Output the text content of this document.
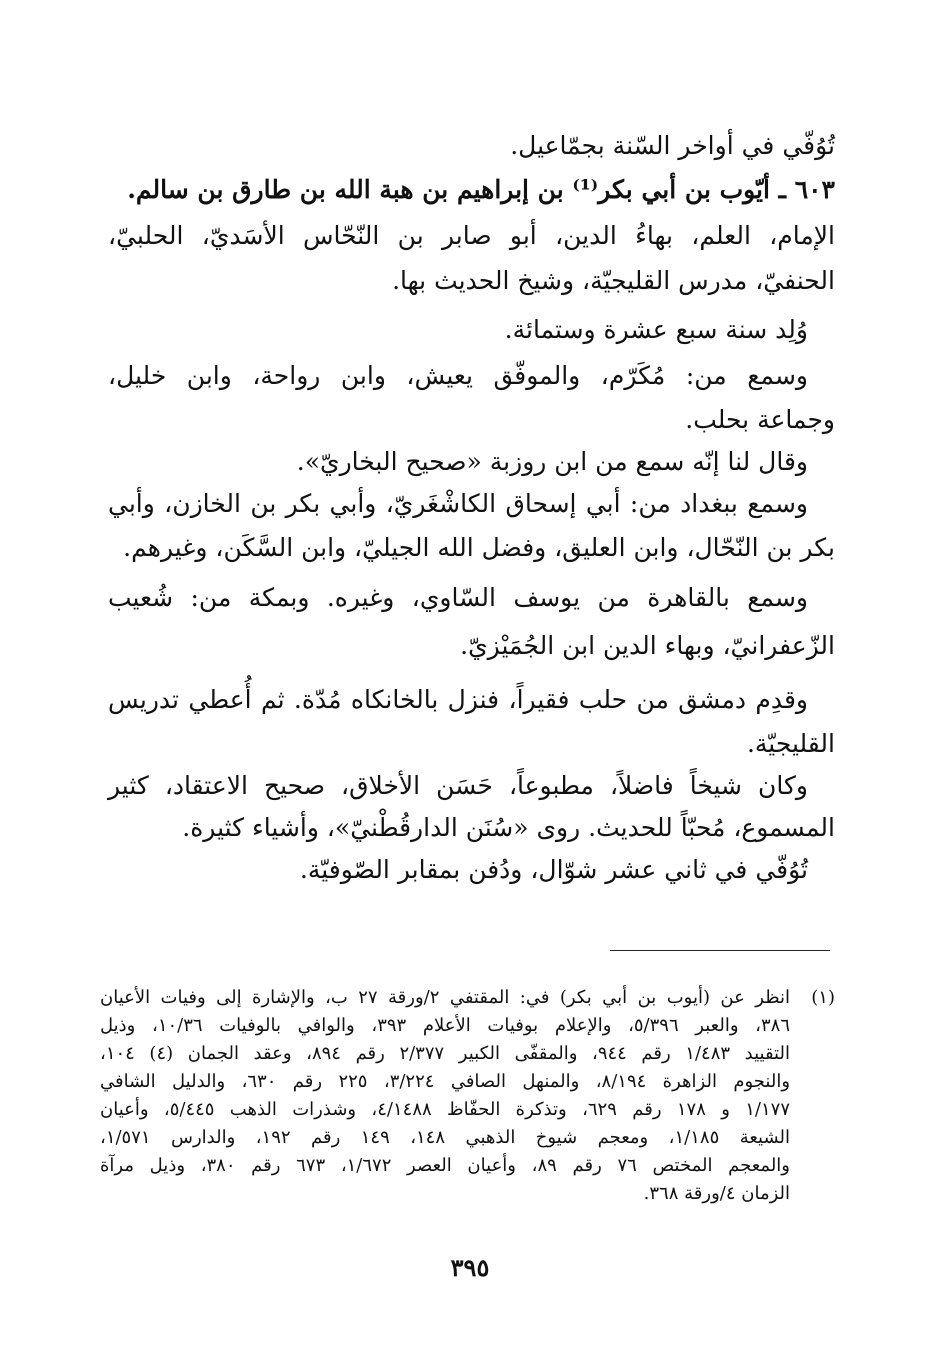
تُوُفّي في أواخر السّنة بجمّاعيل.
٦٠٣ ـ أيّوب بن أبي بكر⁽¹⁾ بن إبراهيم بن هبة الله بن طارق بن سالم.
الإمام، العلم، بهاءُ الدين، أبو صابر بن النّحّاس الأسَديّ، الحلبيّ،
الحنفيّ، مدرس القليجيّة، وشيخ الحديث بها.
وُلِد سنة سبع عشرة وستمائة.
وسمع من: مُكَرّم، والموفّق يعيش، وابن رواحة، وابن خليل،
وجماعة بحلب.
وقال لنا إنّه سمع من ابن روزبة «صحيح البخاريّ».
وسمع ببغداد من: أبي إسحاق الكاشْغَريّ، وأبي بكر بن الخازن، وأبي
بكر بن النّحّال، وابن العليق، وفضل الله الجيليّ، وابن السَّكَن، وغيرهم.
وسمع بالقاهرة من يوسف السّاوي، وغيره. وبمكة من: شُعيب
الزّعفرانيّ، وبهاء الدين ابن الجُمَيْزيّ.
وقدِم دمشق من حلب فقيراً، فنزل بالخانكاه مُدّة. ثم أُعطي تدريس
القليجيّة.
وكان شيخاً فاضلاً، مطبوعاً، حَسَن الأخلاق، صحيح الاعتقاد، كثير
المسموع، مُحبّاً للحديث. روى «سُنَن الدارقُطْنيّ»، وأشياء كثيرة.
تُوُفّي في ثاني عشر شوّال، ودُفن بمقابر الصّوفيّة.
(١)
انظر عن (أيوب بن أبي بكر) في: المقتفي ٢/ورقة ٢٧ ب، والإشارة إلى وفيات الأعيان
٣٨٦، والعبر ٥/٣٩٦، والإعلام بوفيات الأعلام ٣٩٣، والوافي بالوفيات ١٠/٣٦، وذيل
التقييد ١/٤٨٣ رقم ٩٤٤، والمقفّى الكبير ٢/٣٧٧ رقم ٨٩٤، وعقد الجمان (٤) ١٠٤،
والنجوم الزاهرة ٨/١٩٤، والمنهل الصافي ٣/٢٢٤، ٢٢٥ رقم ٦٣٠، والدليل الشافي
١/١٧٧ و ١٧٨ رقم ٦٢٩، وتذكرة الحفّاظ ٤/١٤٨٨، وشذرات الذهب ٥/٤٤٥، وأعيان
الشيعة ١/١٨٥، ومعجم شيوخ الذهبي ١٤٨، ١٤٩ رقم ١٩٢، والدارس ١/٥٧١،
والمعجم المختص ٧٦ رقم ٨٩، وأعيان العصر ١/٦٧٢، ٦٧٣ رقم ٣٨٠، وذيل مرآة
الزمان ٤/ورقة ٣٦٨.
٣٩٥
